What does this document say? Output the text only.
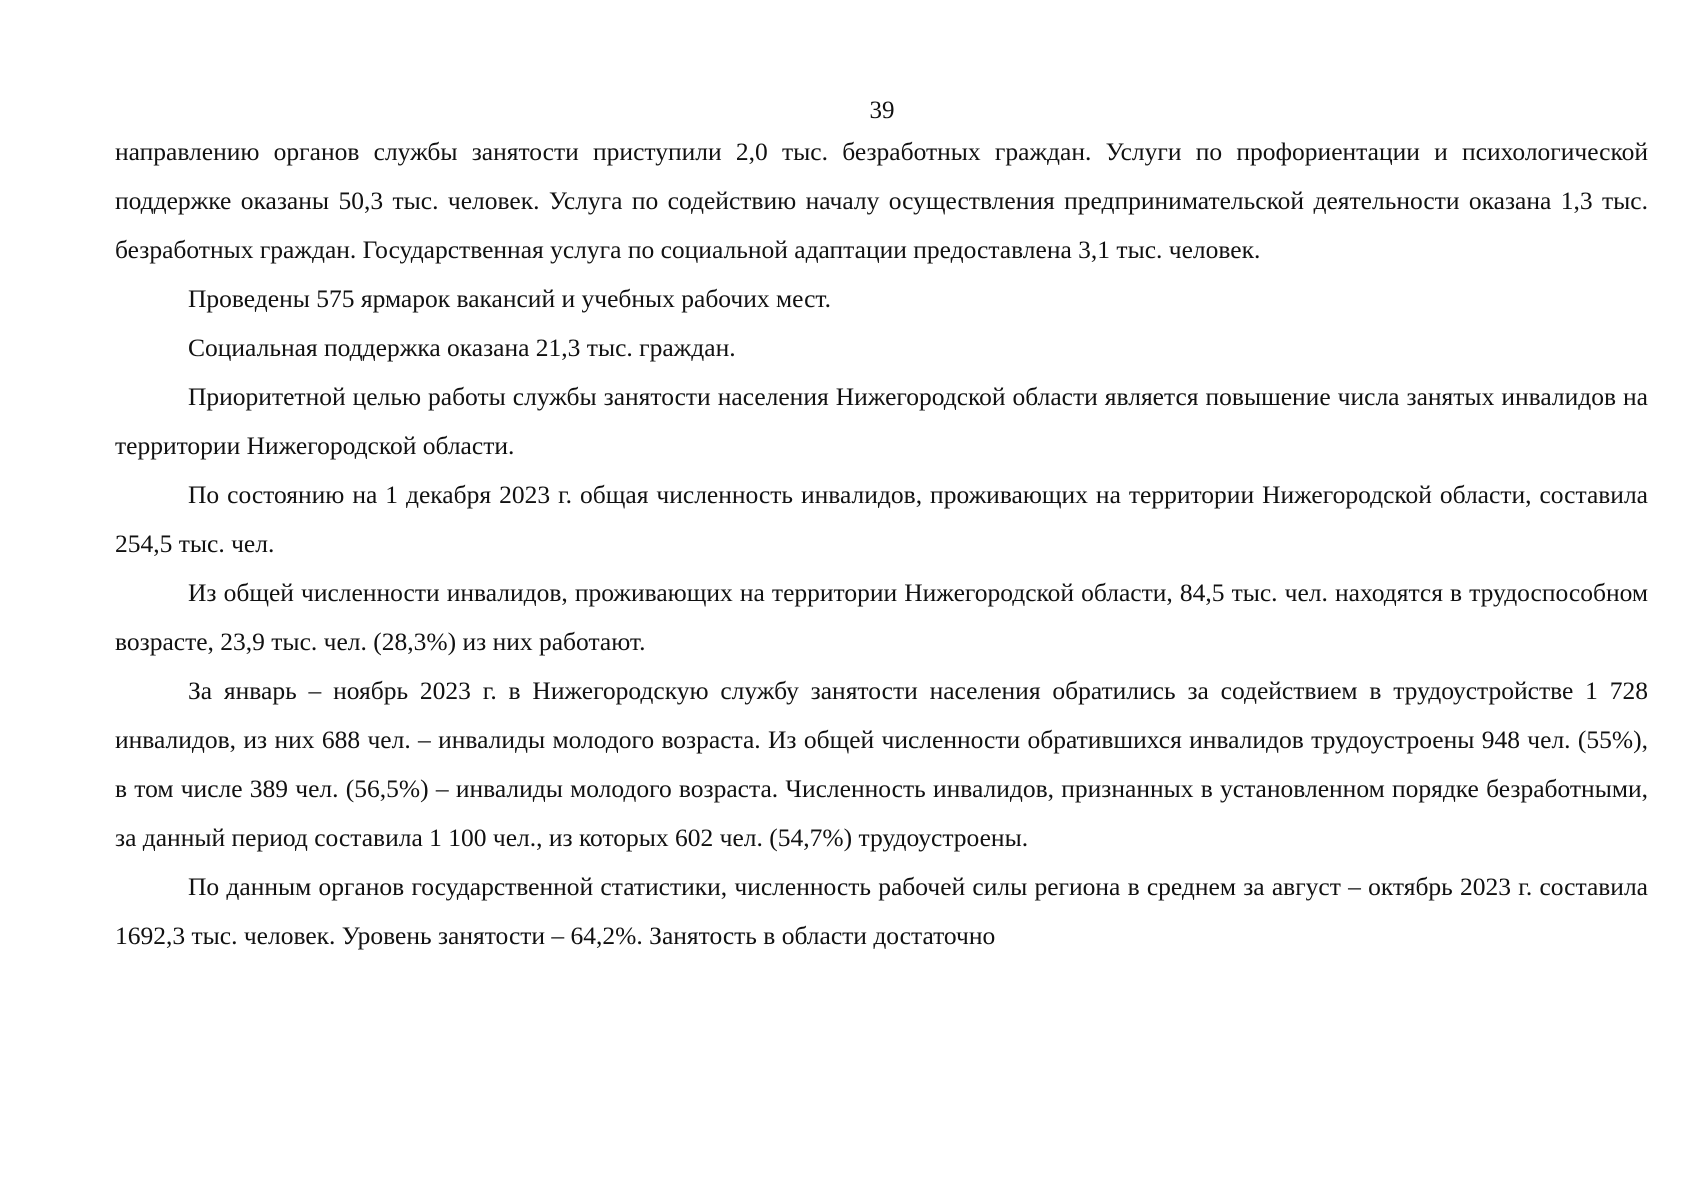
39

направлению органов службы занятости приступили 2,0 тыс. безработных граждан. Услуги по профориентации и психологической поддержке оказаны 50,3 тыс. человек. Услуга по содействию началу осуществления предпринимательской деятельности оказана 1,3 тыс. безработных граждан. Государственная услуга по социальной адаптации предоставлена 3,1 тыс. человек.

Проведены 575 ярмарок вакансий и учебных рабочих мест.

Социальная поддержка оказана 21,3 тыс. граждан.

Приоритетной целью работы службы занятости населения Нижегородской области является повышение числа занятых инвалидов на территории Нижегородской области.

По состоянию на 1 декабря 2023 г. общая численность инвалидов, проживающих на территории Нижегородской области, составила 254,5 тыс. чел.

Из общей численности инвалидов, проживающих на территории Нижегородской области, 84,5 тыс. чел. находятся в трудоспособном возрасте, 23,9 тыс. чел. (28,3%) из них работают.

За январь – ноябрь 2023 г. в Нижегородскую службу занятости населения обратились за содействием в трудоустройстве 1 728 инвалидов, из них 688 чел. – инвалиды молодого возраста. Из общей численности обратившихся инвалидов трудоустроены 948 чел. (55%), в том числе 389 чел. (56,5%) – инвалиды молодого возраста. Численность инвалидов, признанных в установленном порядке безработными, за данный период составила 1 100 чел., из которых 602 чел. (54,7%) трудоустроены.

По данным органов государственной статистики, численность рабочей силы региона в среднем за август – октябрь 2023 г. составила 1692,3 тыс. человек. Уровень занятости – 64,2%. Занятость в области достаточно
